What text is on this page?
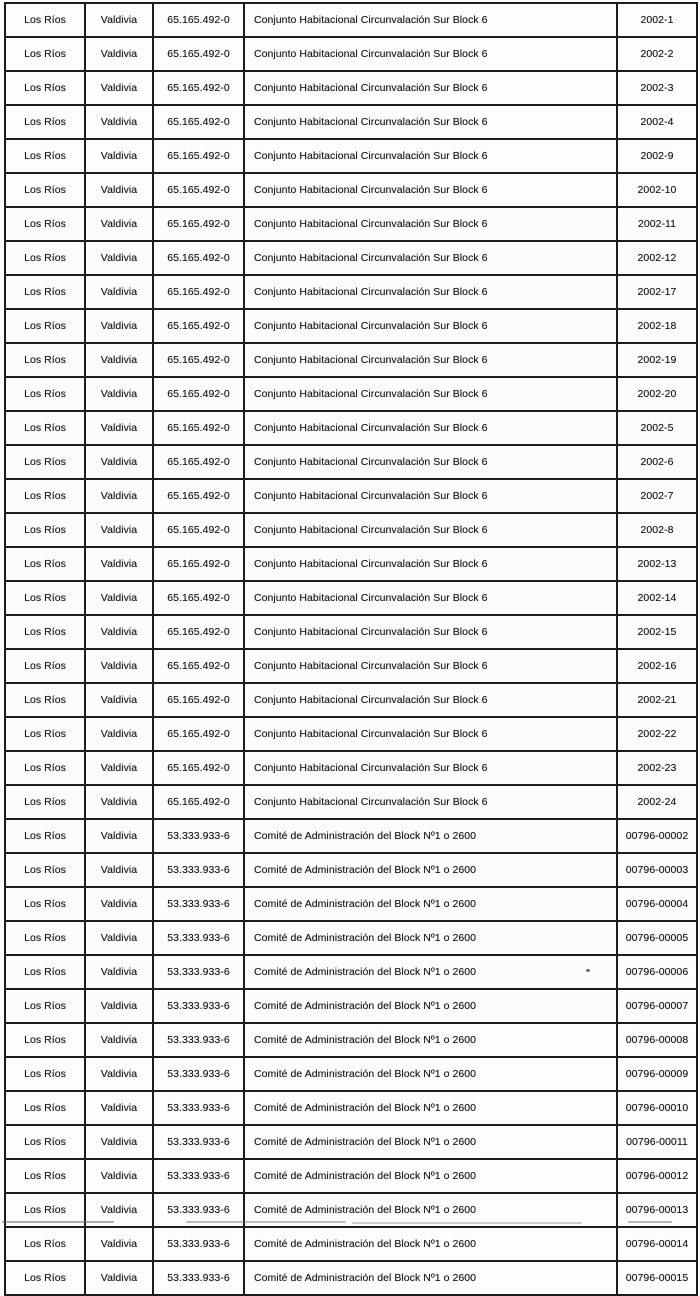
Los Ríos	Valdivia	65.165.492-0	Conjunto Habitacional Circunvalación Sur Block 6	2002-1
Los Ríos	Valdivia	65.165.492-0	Conjunto Habitacional Circunvalación Sur Block 6	2002-2
Los Ríos	Valdivia	65.165.492-0	Conjunto Habitacional Circunvalación Sur Block 6	2002-3
Los Ríos	Valdivia	65.165.492-0	Conjunto Habitacional Circunvalación Sur Block 6	2002-4
Los Ríos	Valdivia	65.165.492-0	Conjunto Habitacional Circunvalación Sur Block 6	2002-9
Los Ríos	Valdivia	65.165.492-0	Conjunto Habitacional Circunvalación Sur Block 6	2002-10
Los Ríos	Valdivia	65.165.492-0	Conjunto Habitacional Circunvalación Sur Block 6	2002-11
Los Ríos	Valdivia	65.165.492-0	Conjunto Habitacional Circunvalación Sur Block 6	2002-12
Los Ríos	Valdivia	65.165.492-0	Conjunto Habitacional Circunvalación Sur Block 6	2002-17
Los Ríos	Valdivia	65.165.492-0	Conjunto Habitacional Circunvalación Sur Block 6	2002-18
Los Ríos	Valdivia	65.165.492-0	Conjunto Habitacional Circunvalación Sur Block 6	2002-19
Los Ríos	Valdivia	65.165.492-0	Conjunto Habitacional Circunvalación Sur Block 6	2002-20
Los Ríos	Valdivia	65.165.492-0	Conjunto Habitacional Circunvalación Sur Block 6	2002-5
Los Ríos	Valdivia	65.165.492-0	Conjunto Habitacional Circunvalación Sur Block 6	2002-6
Los Ríos	Valdivia	65.165.492-0	Conjunto Habitacional Circunvalación Sur Block 6	2002-7
Los Ríos	Valdivia	65.165.492-0	Conjunto Habitacional Circunvalación Sur Block 6	2002-8
Los Ríos	Valdivia	65.165.492-0	Conjunto Habitacional Circunvalación Sur Block 6	2002-13
Los Ríos	Valdivia	65.165.492-0	Conjunto Habitacional Circunvalación Sur Block 6	2002-14
Los Ríos	Valdivia	65.165.492-0	Conjunto Habitacional Circunvalación Sur Block 6	2002-15
Los Ríos	Valdivia	65.165.492-0	Conjunto Habitacional Circunvalación Sur Block 6	2002-16
Los Ríos	Valdivia	65.165.492-0	Conjunto Habitacional Circunvalación Sur Block 6	2002-21
Los Ríos	Valdivia	65.165.492-0	Conjunto Habitacional Circunvalación Sur Block 6	2002-22
Los Ríos	Valdivia	65.165.492-0	Conjunto Habitacional Circunvalación Sur Block 6	2002-23
Los Ríos	Valdivia	65.165.492-0	Conjunto Habitacional Circunvalación Sur Block 6	2002-24
Los Ríos	Valdivia	53.333.933-6	Comité de Administración del Block Nº1 o 2600	00796-00002
Los Ríos	Valdivia	53.333.933-6	Comité de Administración del Block Nº1 o 2600	00796-00003
Los Ríos	Valdivia	53.333.933-6	Comité de Administración del Block Nº1 o 2600	00796-00004
Los Ríos	Valdivia	53.333.933-6	Comité de Administración del Block Nº1 o 2600	00796-00005
Los Ríos	Valdivia	53.333.933-6	Comité de Administración del Block Nº1 o 2600	00796-00006
Los Ríos	Valdivia	53.333.933-6	Comité de Administración del Block Nº1 o 2600	00796-00007
Los Ríos	Valdivia	53.333.933-6	Comité de Administración del Block Nº1 o 2600	00796-00008
Los Ríos	Valdivia	53.333.933-6	Comité de Administración del Block Nº1 o 2600	00796-00009
Los Ríos	Valdivia	53.333.933-6	Comité de Administración del Block Nº1 o 2600	00796-00010
Los Ríos	Valdivia	53.333.933-6	Comité de Administración del Block Nº1 o 2600	00796-00011
Los Ríos	Valdivia	53.333.933-6	Comité de Administración del Block Nº1 o 2600	00796-00012
Los Ríos	Valdivia	53.333.933-6	Comité de Administración del Block Nº1 o 2600	00796-00013
Los Ríos	Valdivia	53.333.933-6	Comité de Administración del Block Nº1 o 2600	00796-00014
Los Ríos	Valdivia	53.333.933-6	Comité de Administración del Block Nº1 o 2600	00796-00015
